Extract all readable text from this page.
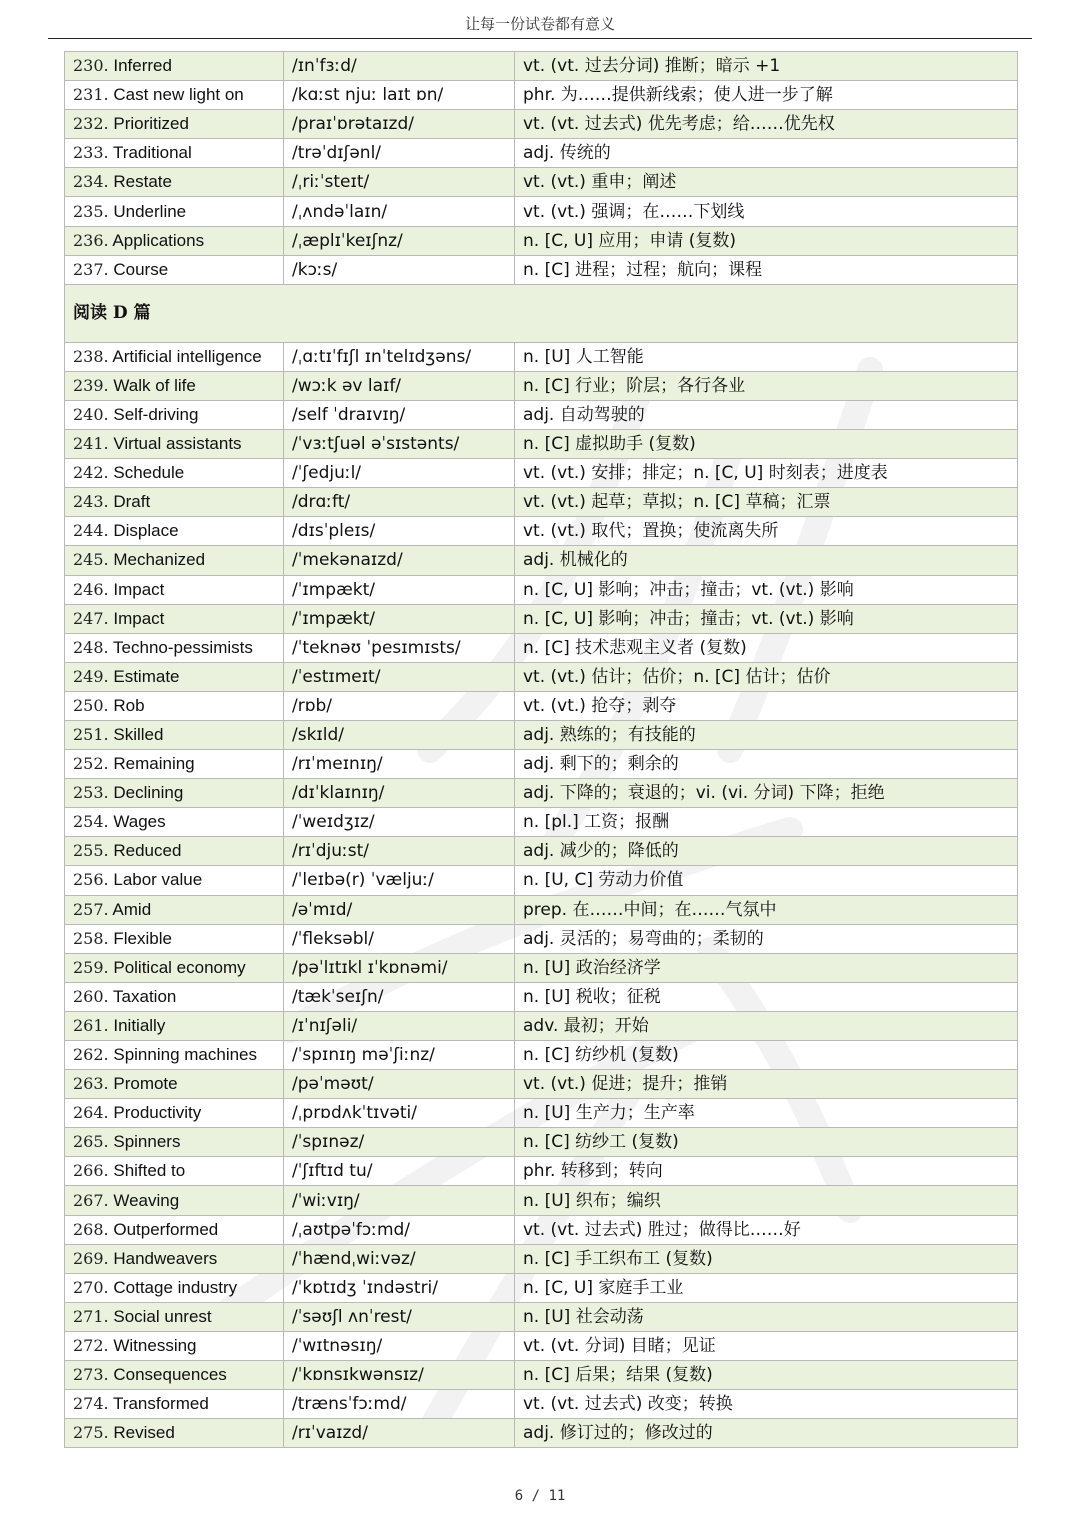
让每一份试卷都有意义
230. Inferred	/ɪnˈfɜːd/	vt. (vt. 过去分词) 推断；暗示 +1
231. Cast new light on	/kɑːst njuː laɪt ɒn/	phr. 为……提供新线索；使人进一步了解
232. Prioritized	/praɪˈɒrətaɪzd/	vt. (vt. 过去式) 优先考虑；给……优先权
233. Traditional	/trəˈdɪʃənl/	adj. 传统的
234. Restate	/ˌriːˈsteɪt/	vt. (vt.) 重申；阐述
235. Underline	/ˌʌndəˈlaɪn/	vt. (vt.) 强调；在……下划线
236. Applications	/ˌæplɪˈkeɪʃnz/	n. [C, U] 应用；申请 (复数)
237. Course	/kɔːs/	n. [C] 进程；过程；航向；课程
阅读 D 篇		
238. Artificial intelligence	/ˌɑːtɪˈfɪʃl ɪnˈtelɪdʒəns/	n. [U] 人工智能
239. Walk of life	/wɔːk əv laɪf/	n. [C] 行业；阶层；各行各业
240. Self-driving	/self ˈdraɪvɪŋ/	adj. 自动驾驶的
241. Virtual assistants	/ˈvɜːtʃuəl əˈsɪstənts/	n. [C] 虚拟助手 (复数)
242. Schedule	/ˈʃedjuːl/	vt. (vt.) 安排；排定；n. [C, U] 时刻表；进度表
243. Draft	/drɑːft/	vt. (vt.) 起草；草拟；n. [C] 草稿；汇票
244. Displace	/dɪsˈpleɪs/	vt. (vt.) 取代；置换；使流离失所
245. Mechanized	/ˈmekənaɪzd/	adj. 机械化的
246. Impact	/ˈɪmpækt/	n. [C, U] 影响；冲击；撞击；vt. (vt.) 影响
247. Impact	/ˈɪmpækt/	n. [C, U] 影响；冲击；撞击；vt. (vt.) 影响
248. Techno-pessimists	/ˈteknəʊ ˈpesɪmɪsts/	n. [C] 技术悲观主义者 (复数)
249. Estimate	/ˈestɪmeɪt/	vt. (vt.) 估计；估价；n. [C] 估计；估价
250. Rob	/rɒb/	vt. (vt.) 抢夺；剥夺
251. Skilled	/skɪld/	adj. 熟练的；有技能的
252. Remaining	/rɪˈmeɪnɪŋ/	adj. 剩下的；剩余的
253. Declining	/dɪˈklaɪnɪŋ/	adj. 下降的；衰退的；vi. (vi. 分词) 下降；拒绝
254. Wages	/ˈweɪdʒɪz/	n. [pl.] 工资；报酬
255. Reduced	/rɪˈdjuːst/	adj. 减少的；降低的
256. Labor value	/ˈleɪbə(r) ˈvæljuː/	n. [U, C] 劳动力价值
257. Amid	/əˈmɪd/	prep. 在……中间；在……气氛中
258. Flexible	/ˈfleksəbl/	adj. 灵活的；易弯曲的；柔韧的
259. Political economy	/pəˈlɪtɪkl ɪˈkɒnəmi/	n. [U] 政治经济学
260. Taxation	/tækˈseɪʃn/	n. [U] 税收；征税
261. Initially	/ɪˈnɪʃəli/	adv. 最初；开始
262. Spinning machines	/ˈspɪnɪŋ məˈʃiːnz/	n. [C] 纺纱机 (复数)
263. Promote	/pəˈməʊt/	vt. (vt.) 促进；提升；推销
264. Productivity	/ˌprɒdʌkˈtɪvəti/	n. [U] 生产力；生产率
265. Spinners	/ˈspɪnəz/	n. [C] 纺纱工 (复数)
266. Shifted to	/ˈʃɪftɪd tu/	phr. 转移到；转向
267. Weaving	/ˈwiːvɪŋ/	n. [U] 织布；编织
268. Outperformed	/ˌaʊtpəˈfɔːmd/	vt. (vt. 过去式) 胜过；做得比……好
269. Handweavers	/ˈhændˌwiːvəz/	n. [C] 手工织布工 (复数)
270. Cottage industry	/ˈkɒtɪdʒ ˈɪndəstri/	n. [C, U] 家庭手工业
271. Social unrest	/ˈsəʊʃl ʌnˈrest/	n. [U] 社会动荡
272. Witnessing	/ˈwɪtnəsɪŋ/	vt. (vt. 分词) 目睹；见证
273. Consequences	/ˈkɒnsɪkwənsɪz/	n. [C] 后果；结果 (复数)
274. Transformed	/trænsˈfɔːmd/	vt. (vt. 过去式) 改变；转换
275. Revised	/rɪˈvaɪzd/	adj. 修订过的；修改过的
6 / 11
